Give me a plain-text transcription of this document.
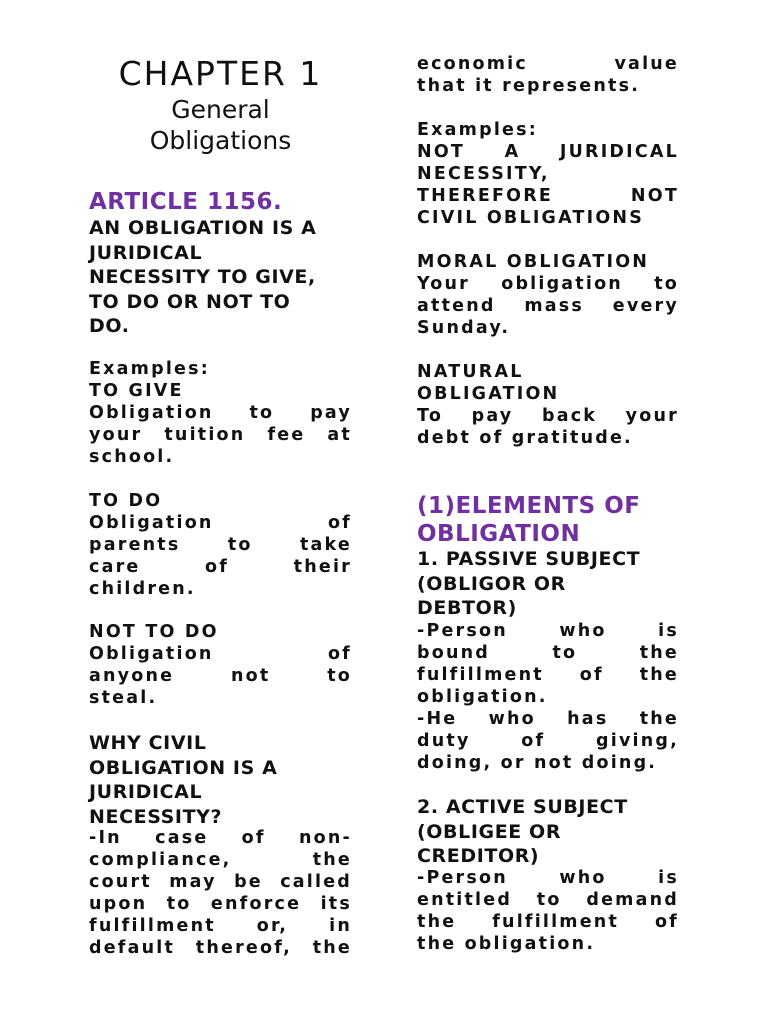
CHAPTER 1
General
Obligations
ARTICLE 1156.
AN OBLIGATION IS A
JURIDICAL
NECESSITY TO GIVE,
TO DO OR NOT TO
DO.
Examples:
TO GIVE
Obligation to pay
your tuition fee at
school.
TO DO
Obligation of
parents to take
care of their
children.
NOT TO DO
Obligation of
anyone not to
steal.
WHY CIVIL
OBLIGATION IS A
JURIDICAL
NECESSITY?
-In case of non-
compliance, the
court may be called
upon to enforce its
fulfillment or, in
default thereof, the
economic value
that it represents.
Examples:
NOT A JURIDICAL
NECESSITY,
THEREFORE NOT
CIVIL OBLIGATIONS
MORAL OBLIGATION
Your obligation to
attend mass every
Sunday.
NATURAL
OBLIGATION
To pay back your
debt of gratitude.
(1)ELEMENTS OF
OBLIGATION
1. PASSIVE SUBJECT
(OBLIGOR OR
DEBTOR)
-Person who is
bound to the
fulfillment of the
obligation.
-He who has the
duty of giving,
doing, or not doing.
2. ACTIVE SUBJECT
(OBLIGEE OR
CREDITOR)
-Person who is
entitled to demand
the fulfillment of
the obligation.
